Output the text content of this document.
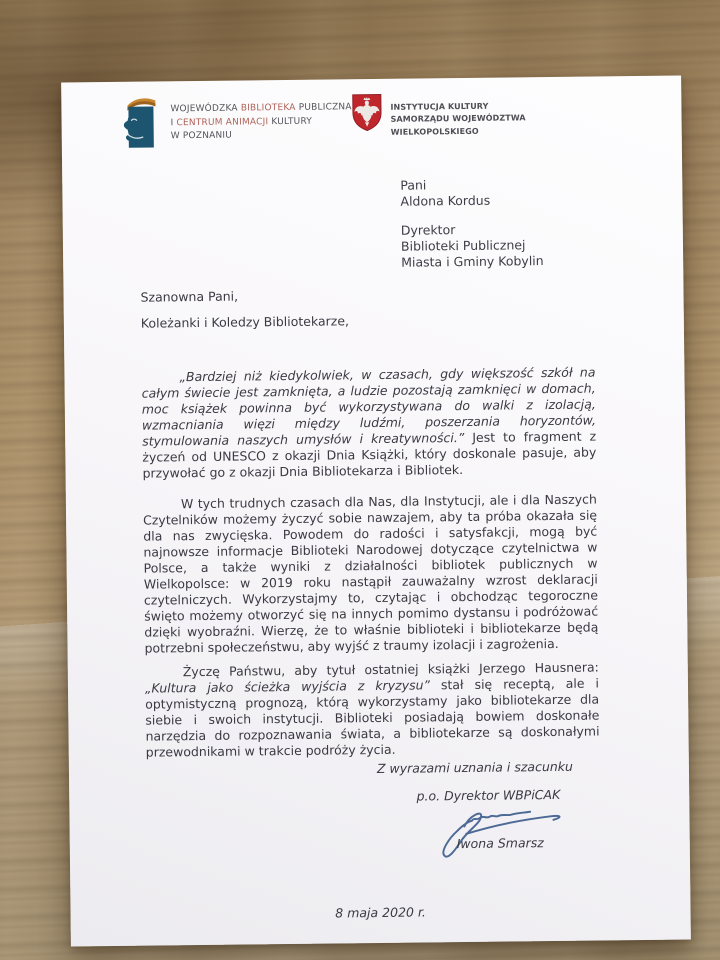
WOJEWÓDZKA BIBLIOTEKA PUBLICZNA
I CENTRUM ANIMACJI KULTURY
W POZNANIU
INSTYTUCJA KULTURY
SAMORZĄDU WOJEWÓDZTWA
WIELKOPOLSKIEGO
Pani
Aldona Kordus
Dyrektor
Biblioteki Publicznej
Miasta i Gminy Kobylin

Szanowna Pani,

Koleżanki i Koledzy Bibliotekarze,

„Bardziej niż kiedykolwiek, w czasach, gdy większość szkół na całym świecie jest zamknięta, a ludzie pozostają zamknięci w domach, moc książek powinna być wykorzystywana do walki z izolacją, wzmacniania więzi między ludźmi, poszerzania horyzontów, stymulowania naszych umysłów i kreatywności.” Jest to fragment z życzeń od UNESCO z okazji Dnia Książki, który doskonale pasuje, aby przywołać go z okazji Dnia Bibliotekarza i Bibliotek.

W tych trudnych czasach dla Nas, dla Instytucji, ale i dla Naszych Czytelników możemy życzyć sobie nawzajem, aby ta próba okazała się dla nas zwycięska. Powodem do radości i satysfakcji, mogą być najnowsze informacje Biblioteki Narodowej dotyczące czytelnictwa w Polsce, a także wyniki z działalności bibliotek publicznych w Wielkopolsce: w 2019 roku nastąpił zauważalny wzrost deklaracji czytelniczych. Wykorzystajmy to, czytając i obchodząc tegoroczne święto możemy otworzyć się na innych pomimo dystansu i podróżować dzięki wyobraźni. Wierzę, że to właśnie biblioteki i bibliotekarze będą potrzebni społeczeństwu, aby wyjść z traumy izolacji i zagrożenia.

Życzę Państwu, aby tytuł ostatniej książki Jerzego Hausnera: „Kultura jako ścieżka wyjścia z kryzysu” stał się receptą, ale i optymistyczną prognozą, którą wykorzystamy jako bibliotekarze dla siebie i swoich instytucji. Biblioteki posiadają bowiem doskonałe narzędzia do rozpoznawania świata, a bibliotekarze są doskonałymi przewodnikami w trakcie podróży życia.

Z wyrazami uznania i szacunku

p.o. Dyrektor WBPiCAK

Iwona Smarsz

8 maja 2020 r.
